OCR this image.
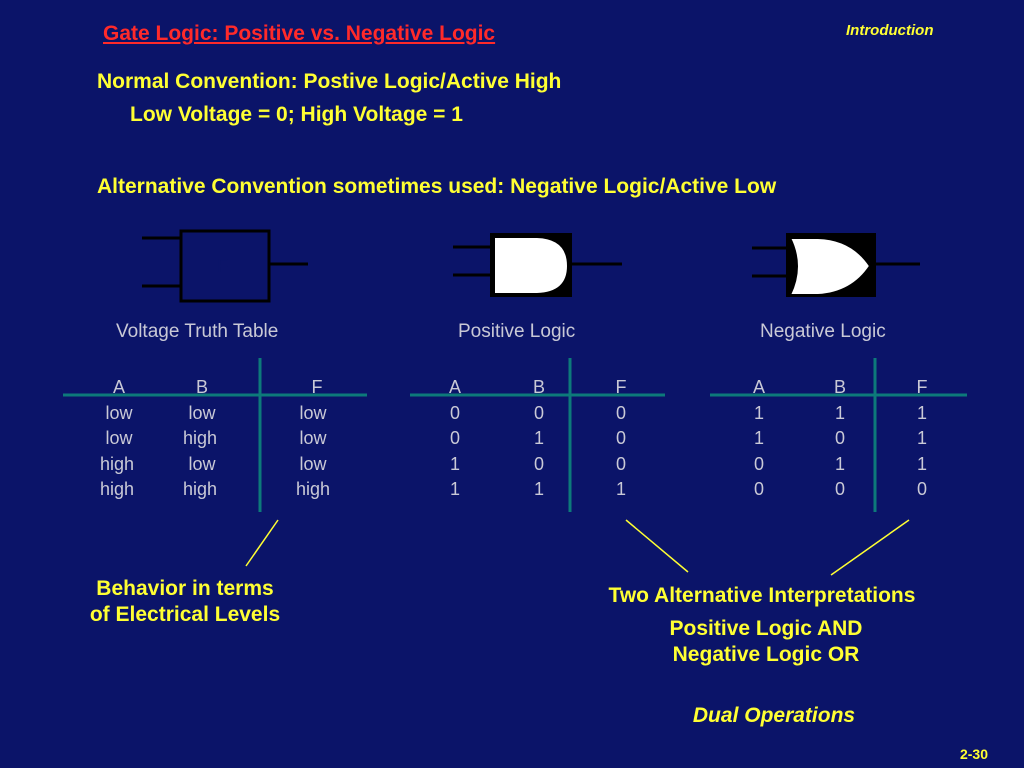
Gate Logic: Positive vs. Negative Logic	Introduction
Normal Convention: Postive Logic/Active High
Low Voltage = 0; High Voltage = 1
Alternative Convention sometimes used: Negative Logic/Active Low
F
Voltage Truth Table	Positive Logic	Negative Logic
A	B	F
low	low	low
low	high	low
high	low	low
high	high	high
A	B	F
0	0	0
0	1	0
1	0	0
1	1	1
A	B	F
1	1	1
1	0	1
0	1	1
0	0	0
Behavior in terms
of Electrical Levels
Two Alternative Interpretations
Positive Logic AND
Negative Logic OR
Dual Operations
2-30
